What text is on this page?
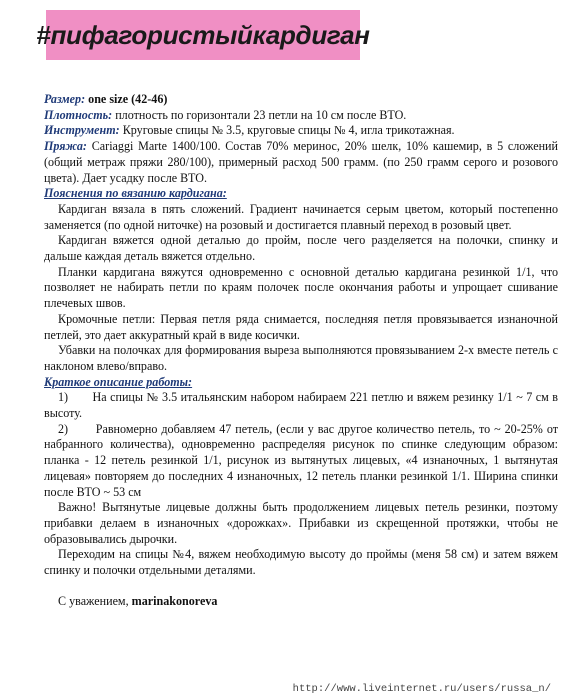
#пифагористыйкардиган

Размер: one size (42-46)

Плотность: плотность по горизонтали 23 петли на 10 см после ВТО.

Инструмент: Круговые спицы № 3.5, круговые спицы № 4, игла трикотажная.

Пряжа: Cariaggi Marte 1400/100. Состав 70% меринос, 20% шелк, 10% кашемир, в 5 сложений (общий метраж пряжи 280/100), примерный расход 500 грамм. (по 250 грамм серого и розового цвета). Дает усадку после ВТО.

Пояснения по вязанию кардигана:

Кардиган вязала в пять сложений. Градиент начинается серым цветом, который постепенно заменяется (по одной ниточке) на розовый и достигается плавный переход в розовый цвет.

Кардиган вяжется одной деталью до пройм, после чего разделяется на полочки, спинку и дальше каждая деталь вяжется отдельно.

Планки кардигана вяжутся одновременно с основной деталью кардигана резинкой 1/1, что позволяет не набирать петли по краям полочек после окончания работы и упрощает сшивание плечевых швов.

Кромочные петли: Первая петля ряда снимается, последняя петля провязывается изнаночной петлей, это дает аккуратный край в виде косички.

Убавки на полочках для формирования выреза выполняются провязыванием 2-х вместе петель с наклоном влево/вправо.

Краткое описание работы:

1) На спицы № 3.5 итальянским набором набираем 221 петлю и вяжем резинку 1/1 ~ 7 см в высоту.

2) Равномерно добавляем 47 петель, (если у вас другое количество петель, то ~ 20-25% от набранного количества), одновременно распределяя рисунок по спинке следующим образом: планка - 12 петель резинкой 1/1, рисунок из вытянутых лицевых, «4 изнаночных, 1 вытянутая лицевая» повторяем до последних 4 изнаночных, 12 петель планки резинкой 1/1. Ширина спинки после ВТО ~ 53 см

Важно! Вытянутые лицевые должны быть продолжением лицевых петель резинки, поэтому прибавки делаем в изнаночных «дорожках». Прибавки из скрещенной протяжки, чтобы не образовывались дырочки.

Переходим на спицы №4, вяжем необходимую высоту до проймы (меня 58 см) и затем вяжем спинку и полочки отдельными деталями.

С уважением, marinakonoreva

http://www.liveinternet.ru/users/russa_n/
